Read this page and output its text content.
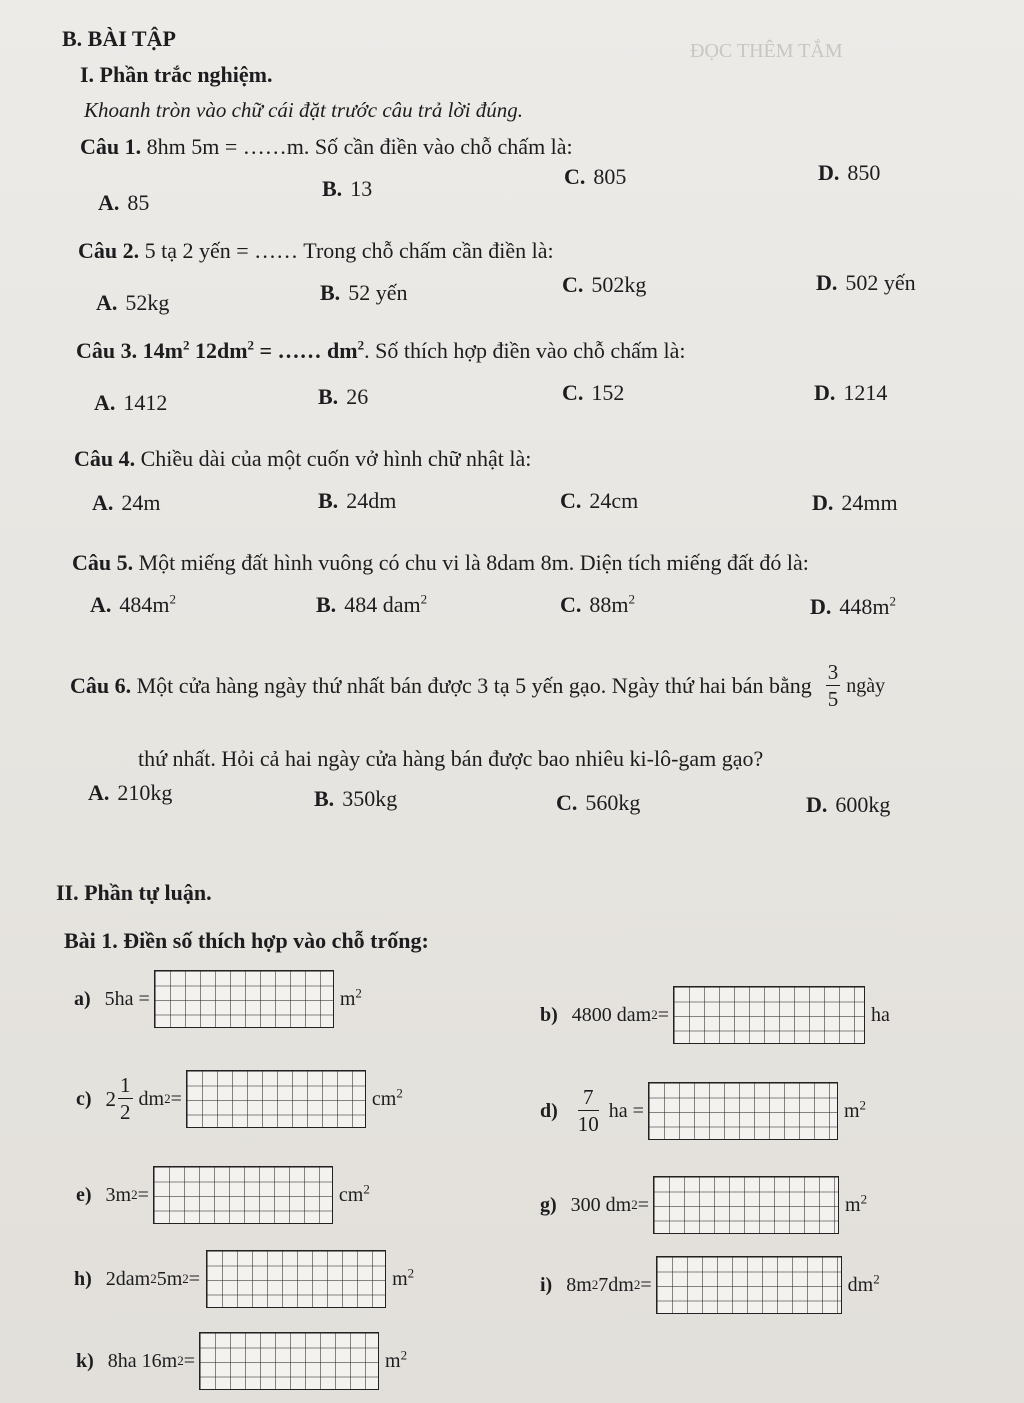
ĐỌC THÊM TẮM
B. BÀI TẬP
I. Phần trắc nghiệm.
Khoanh tròn vào chữ cái đặt trước câu trả lời đúng.
Câu 1. 8hm 5m = ……m. Số cần điền vào chỗ chấm là:
A. 85
B. 13	C. 805	D. 850
Câu 2. 5 tạ 2 yến = …… Trong chỗ chấm cần điền là:
A. 52kg	B. 52 yến	C. 502kg	D. 502 yến
Câu 3. $14m^2$ $12dm^2$ = …… $dm^2$. Số thích hợp điền vào chỗ chấm là:
A. 1412	B. 26	C. 152	D. 1214
Câu 4. Chiều dài của một cuốn vở hình chữ nhật là:
A. 24m	B. 24dm	C. 24cm	D. 24mm
Câu 5. Một miếng đất hình vuông có chu vi là 8dam 8m. Diện tích miếng đất đó là:
A. $484m^2$	B. 484 dam$^2$	C. $88m^2$	D. $448m^2$
Câu 6.
Một cửa hàng ngày thứ nhất bán được 3 tạ 5 yến gạo. Ngày thứ hai bán bằng $\frac{3}{5}$ ngày
thứ nhất. Hỏi cả hai ngày cửa hàng bán được bao nhiêu ki-lô-gam gạo?
A. 210kg	B. 350kg	C. 560kg	D. 600kg
II. Phần tự luận.
Bài 1. Điền số thích hợp vào chỗ trống:
a) 5ha =	$m^2$
b) 4800 dam 2 =	ha
c) $2 \frac{1}{2}$ dm 2 =	$cm^2$
$d) \frac{7}{10}$ ha =	$m^2$
e) 3m 2 =	$cm^2$
g) 300 dm 2 =	$m^2$
h) 2dam 2 5m 2 =	$m^2$
i) 8m 2 7dm 2 =	$dm^2$
k) 8ha 16m 2 =	$m^2$
